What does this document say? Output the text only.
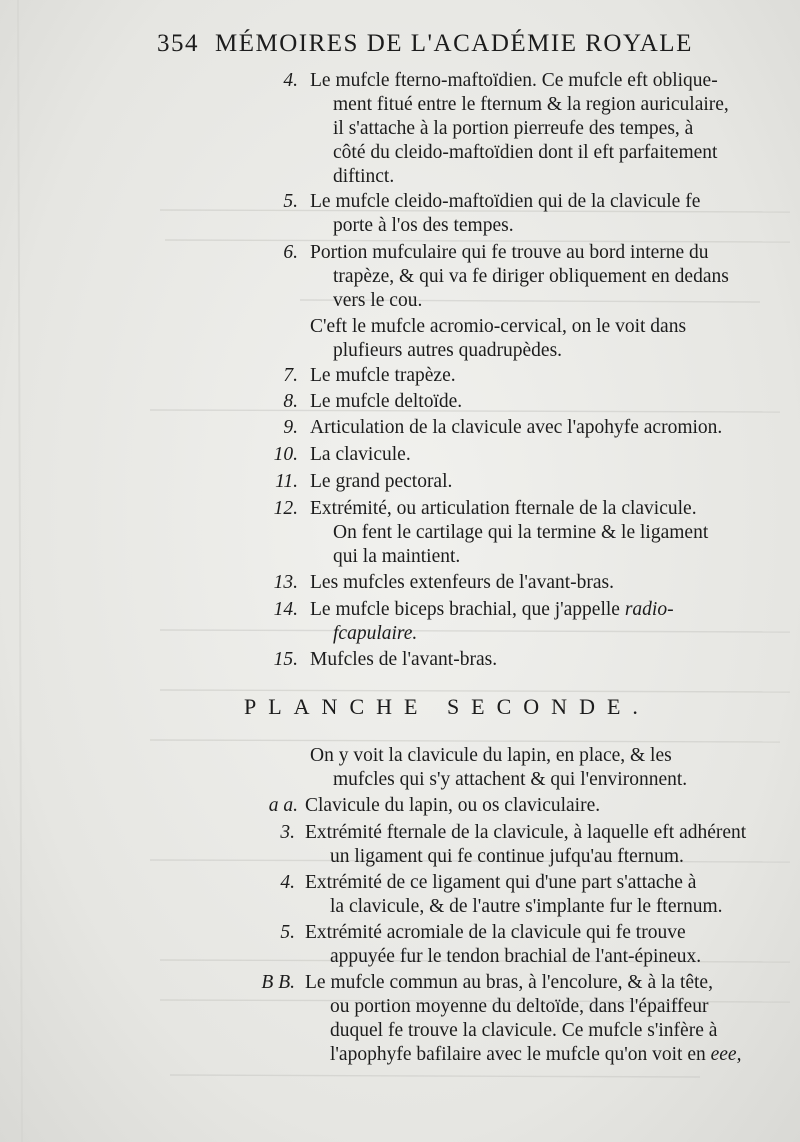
354 MÉMOIRES DE L'ACADÉMIE ROYALE
4. Le mufcle fterno-maftoïdien. Ce mufcle eft oblique-
ment fitué entre le fternum & la region auriculaire,
il s'attache à la portion pierreufe des tempes, à
côté du cleido-maftoïdien dont il eft parfaitement
diftinct.
5. Le mufcle cleido-maftoïdien qui de la clavicule fe
porte à l'os des tempes.
6. Portion mufculaire qui fe trouve au bord interne du
trapèze, & qui va fe diriger obliquement en dedans
vers le cou.
C'eft le mufcle acromio-cervical, on le voit dans
plufieurs autres quadrupèdes.
7. Le mufcle trapèze.
8. Le mufcle deltoïde.
9. Articulation de la clavicule avec l'apohyfe acromion.
10. La clavicule.
11. Le grand pectoral.
12. Extrémité, ou articulation fternale de la clavicule.
On fent le cartilage qui la termine & le ligament
qui la maintient.
13. Les mufcles extenfeurs de l'avant-bras.
14. Le mufcle biceps brachial, que j'appelle radio-
fcapulaire.
15. Mufcles de l'avant-bras.
PLANCHE SECONDE.
On y voit la clavicule du lapin, en place, & les
mufcles qui s'y attachent & qui l'environnent.
a a. Clavicule du lapin, ou os claviculaire.
3. Extrémité fternale de la clavicule, à laquelle eft adhérent
un ligament qui fe continue jufqu'au fternum.
4. Extrémité de ce ligament qui d'une part s'attache à
la clavicule, & de l'autre s'implante fur le fternum.
5. Extrémité acromiale de la clavicule qui fe trouve
appuyée fur le tendon brachial de l'ant-épineux.
B B. Le mufcle commun au bras, à l'encolure, & à la tête,
ou portion moyenne du deltoïde, dans l'épaiffeur
duquel fe trouve la clavicule. Ce mufcle s'infère à
l'apophyfe bafilaire avec le mufcle qu'on voit en eee,
